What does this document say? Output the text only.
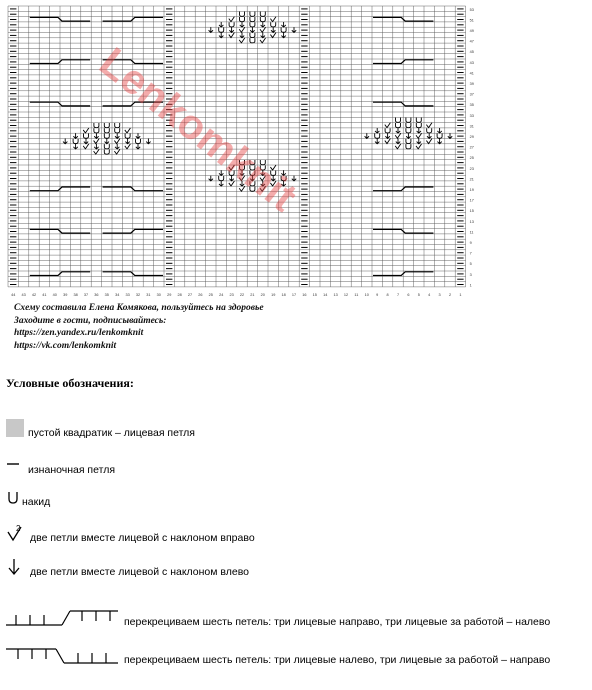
53
51
49
47
45
43
41
39
37
35
33
31
29
27
25
23
21
19
17
15
13
11
9
7
5
3
1
44 43 42 41 40 39 38 37 36 35 34 33 32 31 30 29 28 27 26 25 24 23 22 21 20 19 18 17 16 15 14 13 12 11 10 9 8 7 6 5 4 3 2 1
Lenkomknit
Схему составила Елена Комякова, пользуйтесь на здоровье
Заходите в гости, подписывайтесь:
https://zen.yandex.ru/lenkomknit
https://vk.com/lenkomknit
Условные обозначения:
пустой квадратик – лицевая петля
изнаночная петля
накид
2
две петли вместе лицевой с наклоном вправо
две петли вместе лицевой с наклоном влево
перекрециваем шесть петель: три лицевые направо, три лицевые за работой – налево
перекрециваем шесть петель: три лицевые налево, три лицевые за работой – направо
